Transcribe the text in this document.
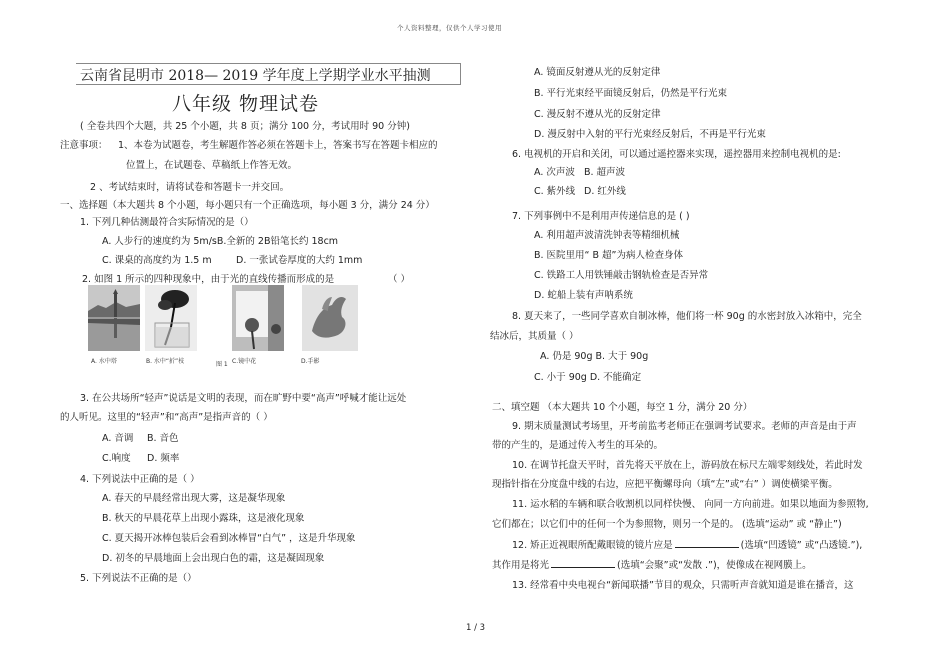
个人资料整理，仅供个人学习使用
云南省昆明市 2018— 2019 学年度上学期学业水平抽测
八年级 物理试卷
( 全卷共四个大题，共 25 个小题，共 8 页；满分 100 分，考试用时 90 分钟)
注意事项： 1、本卷为试题卷，考生解题作答必须在答题卡上，答案书写在答题卡相应的
位置上，在试题卷、草稿纸上作答无效。
2 、考试结束时，请将试卷和答题卡一并交回。
一、选择题（本大题共 8 个小题，每小题只有一个正确选项，每小题 3 分，满分 24 分）
1. 下列几种估测最符合实际情况的是（）
A. 人步行的速度约为 5m/sB.全新的 2B铅笔长约 18cm
C. 课桌的高度约为 1.5 m	D. 一张试卷厚度的大约 1mm
2. 如图 1 所示的四种现象中，由于光的直线传播而形成的是	（ ）
A. 水中塔	B. 水中“折”枝	图 1 C.镜中花	D.手影
3. 在公共场所“轻声”说话是文明的表现，而在旷野中要“高声”呼喊才能让远处
的人听见。这里的“轻声”和“高声”是指声音的（ ）
A. 音调 B. 音色
C.响度 D. 频率
4. 下列说法中正确的是（ ）
A. 春天的早晨经常出现大雾，这是凝华现象
B. 秋天的早晨花草上出现小露珠，这是液化现象
C. 夏天揭开冰棒包装后会看到冰棒冒“白气” ，这是升华现象
D. 初冬的早晨地面上会出现白色的霜，这是凝固现象
5. 下列说法不正确的是（）
A. 镜面反射遵从光的反射定律
B. 平行光束经平面镜反射后，仍然是平行光束
C. 漫反射不遵从光的反射定律
D. 漫反射中入射的平行光束经反射后，不再是平行光束
6. 电视机的开启和关闭，可以通过遥控器来实现，遥控器用来控制电视机的是:
A. 次声波 B. 超声波
C. 紫外线 D. 红外线
7. 下列事例中不是利用声传递信息的是 ( )
A. 利用超声波清洗钟表等精细机械
B. 医院里用“ B 超”为病人检查身体
C. 铁路工人用铁锤敲击钢轨检查是否异常
D. 蛇船上装有声呐系统
8. 夏天来了，一些同学喜欢自制冰棒，他们将一杯 90g 的水密封放入冰箱中，完全
结冰后，其质量（ ）
A. 仍是 90g B. 大于 90g
C. 小于 90g D. 不能确定
二、填空题 （本大题共 10 个小题，每空 1 分，满分 20 分）
9. 期末质量测试考场里，开考前监考老师正在强调考试要求。老师的声音是由于声
带的产生的，是通过传入考生的耳朵的。
10. 在调节托盘天平时，首先将天平放在上，游码放在标尺左端零刻线处，若此时发
现指针指在分度盘中线的右边，应把平衡螺母向（填“左”或“右” ）调使横梁平衡。
11. 运水稻的车辆和联合收割机以同样快慢、 向同一方向前进。如果以地面为参照物,
它们都在；以它们中的任何一个为参照物，则另一个是的。 (选填“运动” 或 “静止”)
12. 矫正近视眼所配戴眼镜的镜片应是	(选填“凹透镜” 或“凸透镜.”),
其作用是将光	(选填“会聚”或“发散 .”)，使像成在视网膜上。
13. 经常看中央电视台“新闻联播”节目的观众，只需听声音就知道是谁在播音，这
1 / 3
